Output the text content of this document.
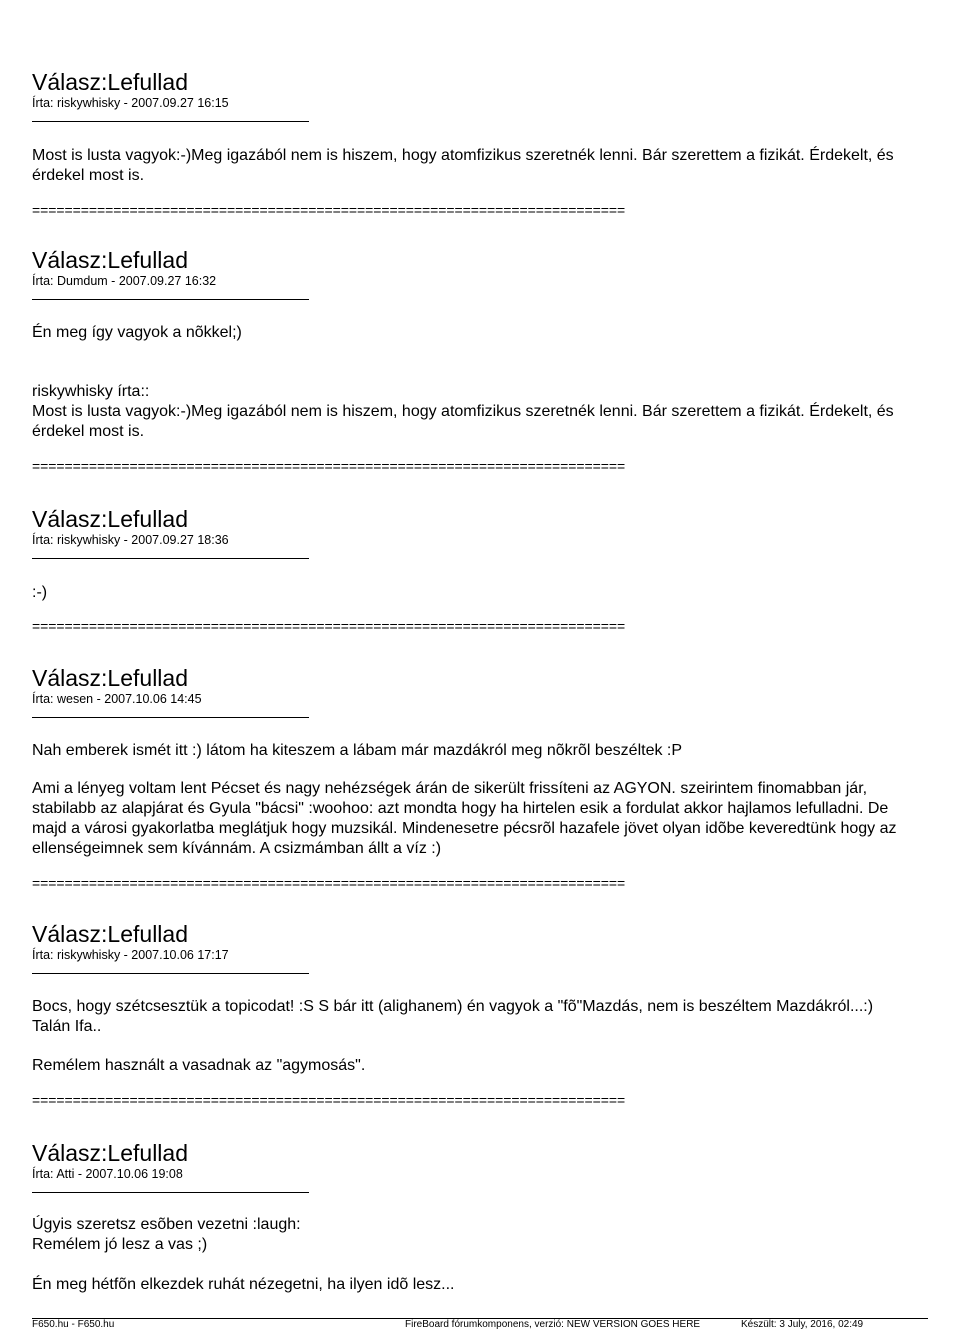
Válasz:Lefullad
Írta: riskywhisky - 2007.09.27 16:15
Most is lusta vagyok:-)Meg igazából nem is hiszem, hogy atomfizikus szeretnék lenni. Bár szerettem a fizikát. Érdekelt, és érdekel most is.
=========================================================================
Válasz:Lefullad
Írta: Dumdum - 2007.09.27 16:32
Én meg így vagyok a nõkkel;)
riskywhisky írta::
Most is lusta vagyok:-)Meg igazából nem is hiszem, hogy atomfizikus szeretnék lenni. Bár szerettem a fizikát. Érdekelt, és érdekel most is.
=========================================================================
Válasz:Lefullad
Írta: riskywhisky - 2007.09.27 18:36
:-)
=========================================================================
Válasz:Lefullad
Írta: wesen - 2007.10.06 14:45
Nah emberek ismét itt :) látom ha kiteszem a lábam már mazdákról meg nõkrõl beszéltek :P
Ami a lényeg voltam lent Pécset és nagy nehézségek árán de sikerült frissíteni az AGYON. szeirintem finomabban jár, stabilabb az alapjárat és Gyula "bácsi" :woohoo: azt mondta hogy ha hirtelen esik a fordulat akkor hajlamos lefulladni. De majd a városi gyakorlatba meglátjuk hogy muzsikál. Mindenesetre pécsrõl hazafele jövet olyan idõbe keveredtünk hogy az ellenségeimnek sem kívánnám. A csizmámban állt a víz :)
=========================================================================
Válasz:Lefullad
Írta: riskywhisky - 2007.10.06 17:17
Bocs, hogy szétcsesztük a topicodat! :S S bár itt (alighanem) én vagyok a "fõ"Mazdás, nem is beszéltem Mazdákról...:) Talán Ifa..
Remélem használt a vasadnak az "agymosás".
=========================================================================
Válasz:Lefullad
Írta: Atti - 2007.10.06 19:08
Úgyis szeretsz esõben vezetni :laugh:
Remélem jó lesz a vas ;)
Én meg hétfõn elkezdek ruhát nézegetni, ha ilyen idõ lesz...
F650.hu - F650.hu	FireBoard fórumkomponens, verzió: NEW VERSION GOES HERE	Készült: 3 July, 2016, 02:49
